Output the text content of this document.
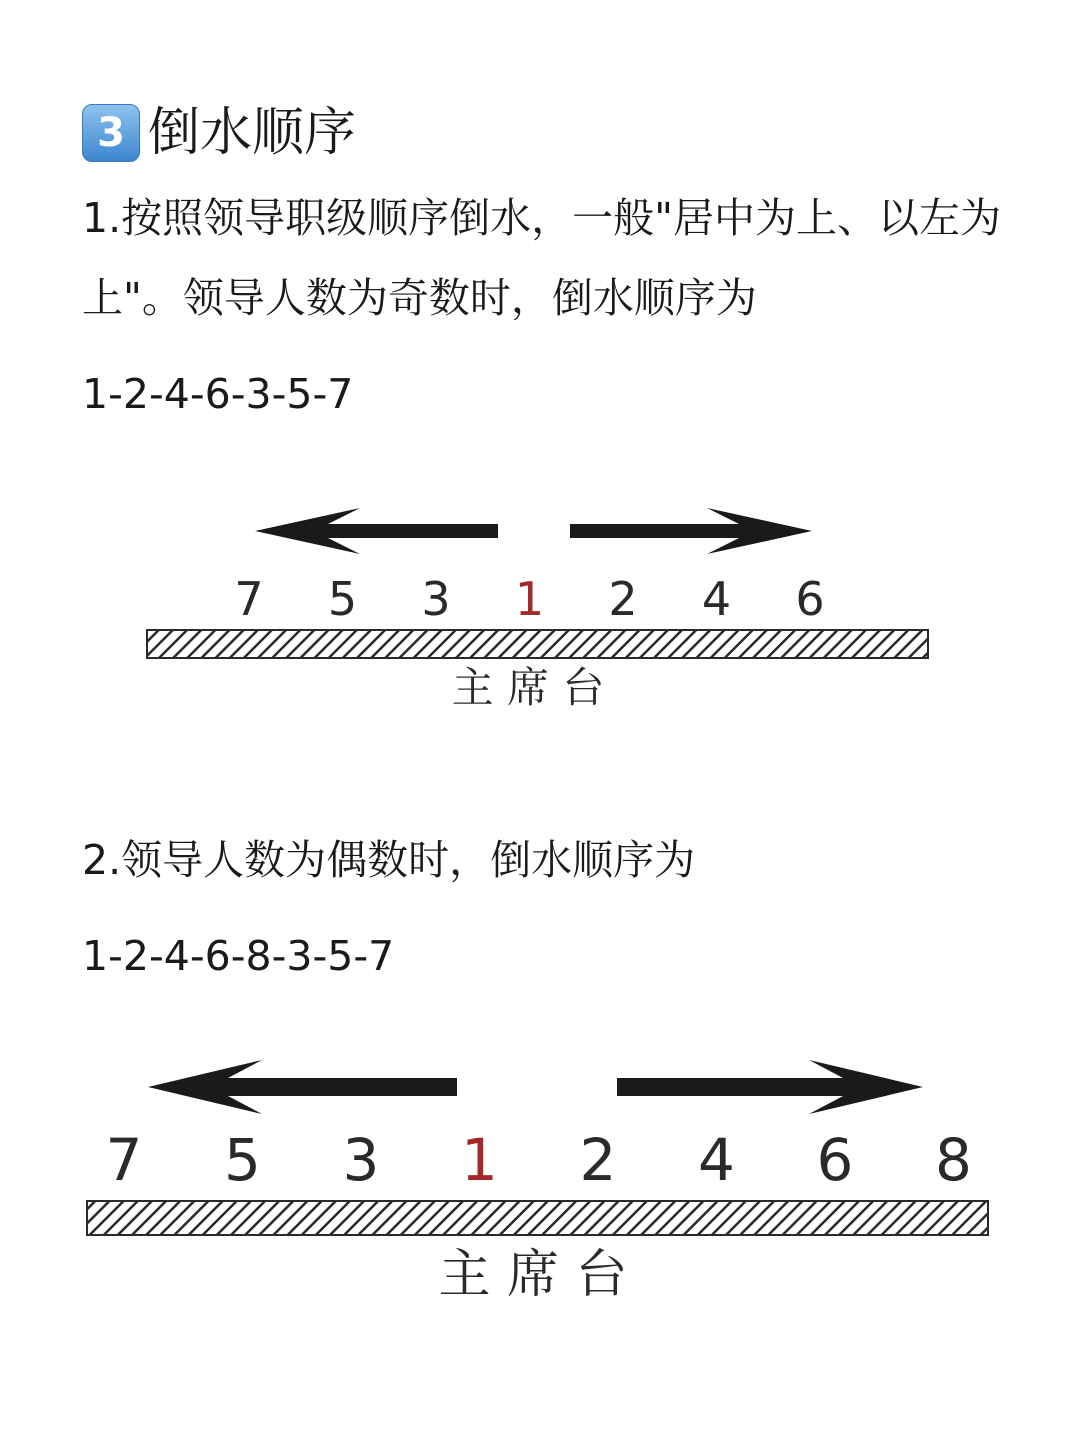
3 倒水顺序
1.按照领导职级顺序倒水，一般"居中为上、以左为上"。领导人数为奇数时，倒水顺序为
1-2-4-6-3-5-7
7 5 3 1 2 4 6
主 席 台
2.领导人数为偶数时，倒水顺序为
1-2-4-6-8-3-5-7
7 5 3 1 2 4 6 8
主 席 台
